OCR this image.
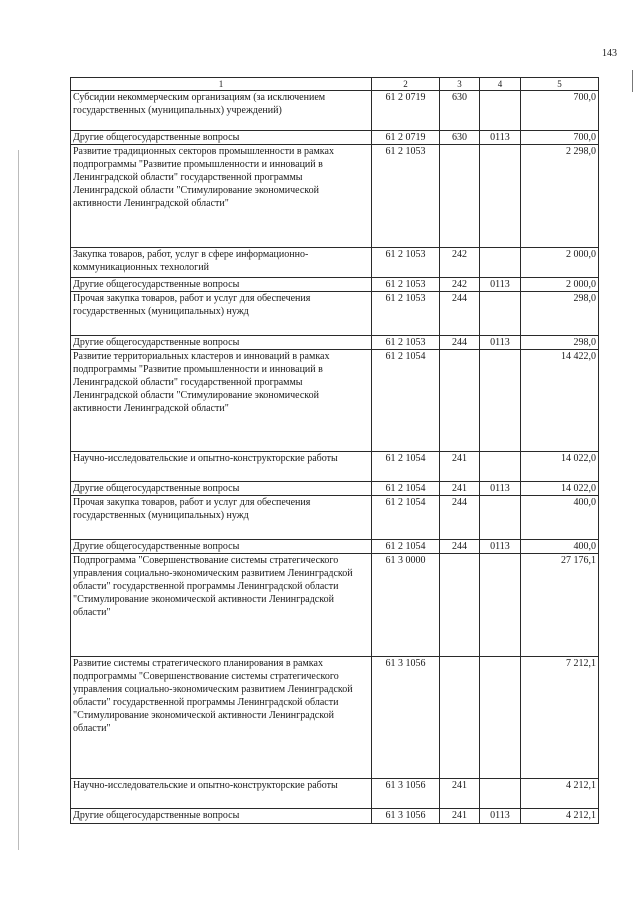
143
1	2	3	4	5
Субсидии некоммерческим организациям (за исключением государственных (муниципальных) учреждений)	61 2 0719	630		700,0
Другие общегосударственные вопросы	61 2 0719	630	0113	700,0
Развитие традиционных секторов промышленности в рамках подпрограммы "Развитие промышленности и инноваций в Ленинградской области" государственной программы Ленинградской области "Стимулирование экономической активности Ленинградской области"	61 2 1053			2 298,0
Закупка товаров, работ, услуг в сфере информационно-коммуникационных технологий	61 2 1053	242		2 000,0
Другие общегосударственные вопросы	61 2 1053	242	0113	2 000,0
Прочая закупка товаров, работ и услуг для обеспечения государственных (муниципальных) нужд	61 2 1053	244		298,0
Другие общегосударственные вопросы	61 2 1053	244	0113	298,0
Развитие территориальных кластеров и инноваций в рамках подпрограммы "Развитие промышленности и инноваций в Ленинградской области" государственной программы Ленинградской области "Стимулирование экономической активности Ленинградской области"	61 2 1054			14 422,0
Научно-исследовательские и опытно-конструкторские работы	61 2 1054	241		14 022,0
Другие общегосударственные вопросы	61 2 1054	241	0113	14 022,0
Прочая закупка товаров, работ и услуг для обеспечения государственных (муниципальных) нужд	61 2 1054	244		400,0
Другие общегосударственные вопросы	61 2 1054	244	0113	400,0
Подпрограмма "Совершенствование системы стратегического управления социально-экономическим развитием Ленинградской области" государственной программы Ленинградской области "Стимулирование экономической активности Ленинградской области"	61 3 0000			27 176,1
Развитие системы стратегического планирования в рамках подпрограммы "Совершенствование системы стратегического управления социально-экономическим развитием Ленинградской области" государственной программы Ленинградской области "Стимулирование экономической активности Ленинградской области"	61 3 1056			7 212,1
Научно-исследовательские и опытно-конструкторские работы	61 3 1056	241		4 212,1
Другие общегосударственные вопросы	61 3 1056	241	0113	4 212,1
